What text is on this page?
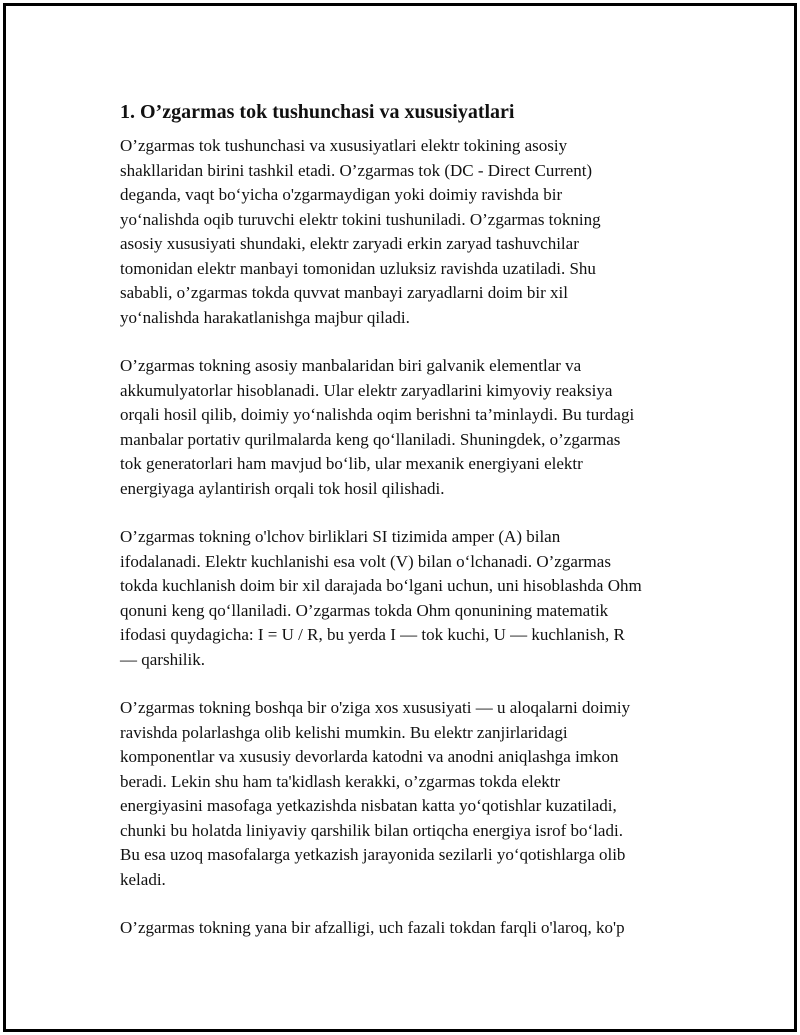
1. O’zgarmas tok tushunchasi va xususiyatlari

O’zgarmas tok tushunchasi va xususiyatlari elektr tokining asosiy
shakllaridan birini tashkil etadi. O’zgarmas tok (DC - Direct Current)
deganda, vaqt bo‘yicha o'zgarmaydigan yoki doimiy ravishda bir
yo‘nalishda oqib turuvchi elektr tokini tushuniladi. O’zgarmas tokning
asosiy xususiyati shundaki, elektr zaryadi erkin zaryad tashuvchilar
tomonidan elektr manbayi tomonidan uzluksiz ravishda uzatiladi. Shu
sababli, o’zgarmas tokda quvvat manbayi zaryadlarni doim bir xil
yo‘nalishda harakatlanishga majbur qiladi.

O’zgarmas tokning asosiy manbalaridan biri galvanik elementlar va
akkumulyatorlar hisoblanadi. Ular elektr zaryadlarini kimyoviy reaksiya
orqali hosil qilib, doimiy yo‘nalishda oqim berishni ta’minlaydi. Bu turdagi
manbalar portativ qurilmalarda keng qo‘llaniladi. Shuningdek, o’zgarmas
tok generatorlari ham mavjud bo‘lib, ular mexanik energiyani elektr
energiyaga aylantirish orqali tok hosil qilishadi.

O’zgarmas tokning o'lchov birliklari SI tizimida amper (A) bilan
ifodalanadi. Elektr kuchlanishi esa volt (V) bilan o‘lchanadi. O’zgarmas
tokda kuchlanish doim bir xil darajada bo‘lgani uchun, uni hisoblashda Ohm
qonuni keng qo‘llaniladi. O’zgarmas tokda Ohm qonunining matematik
ifodasi quydagicha: I = U / R, bu yerda I — tok kuchi, U — kuchlanish, R
— qarshilik.

O’zgarmas tokning boshqa bir o'ziga xos xususiyati — u aloqalarni doimiy
ravishda polarlashga olib kelishi mumkin. Bu elektr zanjirlaridagi
komponentlar va xususiy devorlarda katodni va anodni aniqlashga imkon
beradi. Lekin shu ham ta'kidlash kerakki, o’zgarmas tokda elektr
energiyasini masofaga yetkazishda nisbatan katta yo‘qotishlar kuzatiladi,
chunki bu holatda liniyaviy qarshilik bilan ortiqcha energiya isrof bo‘ladi.
Bu esa uzoq masofalarga yetkazish jarayonida sezilarli yo‘qotishlarga olib
keladi.

O’zgarmas tokning yana bir afzalligi, uch fazali tokdan farqli o'laroq, ko'p
